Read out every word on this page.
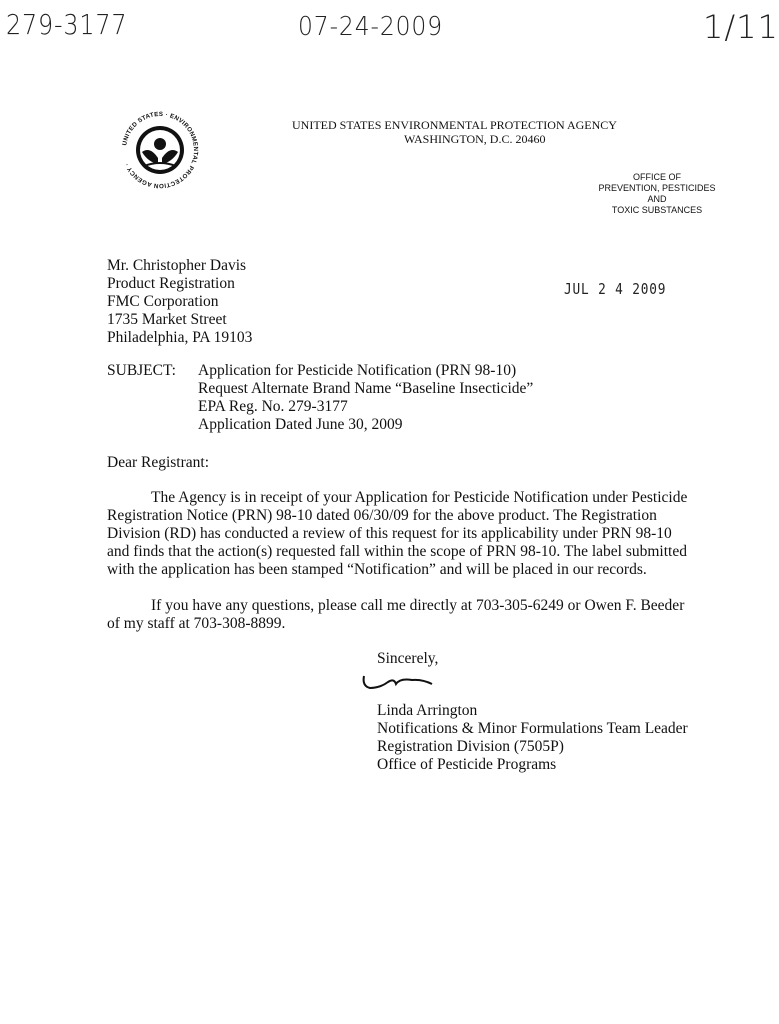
279-3177	07-24-2009	1/11
UNITED STATES · ENVIRONMENTAL PROTECTION AGENCY ·
UNITED STATES ENVIRONMENTAL PROTECTION AGENCY
WASHINGTON, D.C. 20460
OFFICE OF
PREVENTION, PESTICIDES AND
TOXIC SUBSTANCES
JUL 2 4 2009
Mr. Christopher Davis
Product Registration
FMC Corporation
1735 Market Street
Philadelphia, PA 19103
SUBJECT: Application for Pesticide Notification (PRN 98-10)
Request Alternate Brand Name “Baseline Insecticide”
EPA Reg. No. 279-3177
Application Dated June 30, 2009
Dear Registrant:
The Agency is in receipt of your Application for Pesticide Notification under Pesticide Registration Notice (PRN) 98-10 dated 06/30/09 for the above product. The Registration Division (RD) has conducted a review of this request for its applicability under PRN 98-10 and finds that the action(s) requested fall within the scope of PRN 98-10. The label submitted with the application has been stamped “Notification” and will be placed in our records.
If you have any questions, please call me directly at 703-305-6249 or Owen F. Beeder of my staff at 703-308-8899.
Sincerely,
Linda Arrington
Notifications & Minor Formulations Team Leader
Registration Division (7505P)
Office of Pesticide Programs
